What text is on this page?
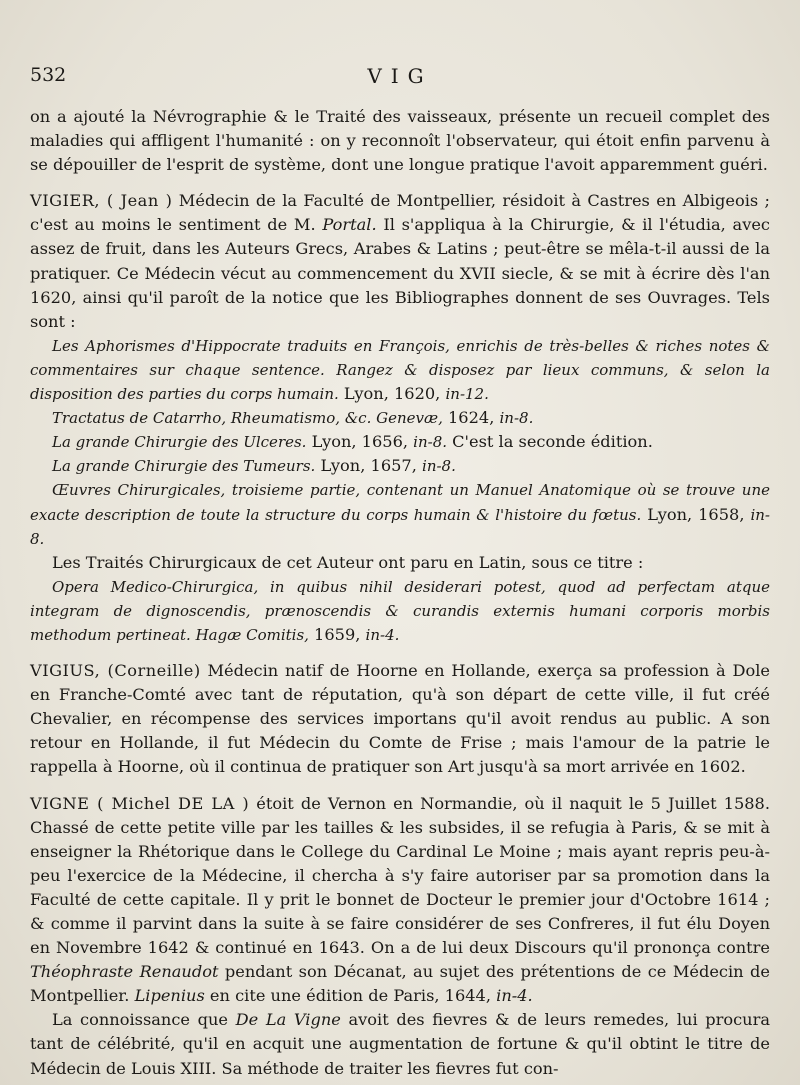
532	VIG

on a ajouté la Névrographie & le Traité des vaisseaux, présente un recueil complet des maladies qui affligent l'humanité : on y reconnoît l'observateur, qui étoit enfin parvenu à se dépouiller de l'esprit de système, dont une longue pratique l'avoit apparemment guéri.

VIGIER, ( Jean ) Médecin de la Faculté de Montpellier, résidoit à Castres en Albigeois ; c'est au moins le sentiment de M. Portal. Il s'appliqua à la Chirurgie, & il l'étudia, avec assez de fruit, dans les Auteurs Grecs, Arabes & Latins ; peut-être se mêla-t-il aussi de la pratiquer. Ce Médecin vécut au commencement du XVII siecle, & se mit à écrire dès l'an 1620, ainsi qu'il paroît de la notice que les Bibliographes donnent de ses Ouvrages. Tels sont :

Les Aphorismes d'Hippocrate traduits en François, enrichis de très-belles & riches notes & commentaires sur chaque sentence. Rangez & disposez par lieux communs, & selon la disposition des parties du corps humain. Lyon, 1620, in-12.

Tractatus de Catarrho, Rheumatismo, &c. Genevæ, 1624, in-8.

La grande Chirurgie des Ulceres. Lyon, 1656, in-8. C'est la seconde édition.

La grande Chirurgie des Tumeurs. Lyon, 1657, in-8.

Œuvres Chirurgicales, troisieme partie, contenant un Manuel Anatomique où se trouve une exacte description de toute la structure du corps humain & l'histoire du fœtus. Lyon, 1658, in-8.

Les Traités Chirurgicaux de cet Auteur ont paru en Latin, sous ce titre :

Opera Medico-Chirurgica, in quibus nihil desiderari potest, quod ad perfectam atque integram de dignoscendis, prænoscendis & curandis externis humani corporis morbis methodum pertineat. Hagæ Comitis, 1659, in-4.

VIGIUS, (Corneille) Médecin natif de Hoorne en Hollande, exerça sa profession à Dole en Franche-Comté avec tant de réputation, qu'à son départ de cette ville, il fut créé Chevalier, en récompense des services importans qu'il avoit rendus au public. A son retour en Hollande, il fut Médecin du Comte de Frise ; mais l'amour de la patrie le rappella à Hoorne, où il continua de pratiquer son Art jusqu'à sa mort arrivée en 1602.

VIGNE ( Michel DE LA ) étoit de Vernon en Normandie, où il naquit le 5 Juillet 1588. Chassé de cette petite ville par les tailles & les subsides, il se refugia à Paris, & se mit à enseigner la Rhétorique dans le College du Cardinal Le Moine ; mais ayant repris peu-à-peu l'exercice de la Médecine, il chercha à s'y faire autoriser par sa promotion dans la Faculté de cette capitale. Il y prit le bonnet de Docteur le premier jour d'Octobre 1614 ; & comme il parvint dans la suite à se faire considérer de ses Confreres, il fut élu Doyen en Novembre 1642 & continué en 1643. On a de lui deux Discours qu'il prononça contre Théophraste Renaudot pendant son Décanat, au sujet des prétentions de ce Médecin de Montpellier. Lipenius en cite une édition de Paris, 1644, in-4.

La connoissance que De La Vigne avoit des fievres & de leurs remedes, lui procura tant de célébrité, qu'il en acquit une augmentation de fortune & qu'il obtint le titre de Médecin de Louis XIII. Sa méthode de traiter les fievres fut con-
